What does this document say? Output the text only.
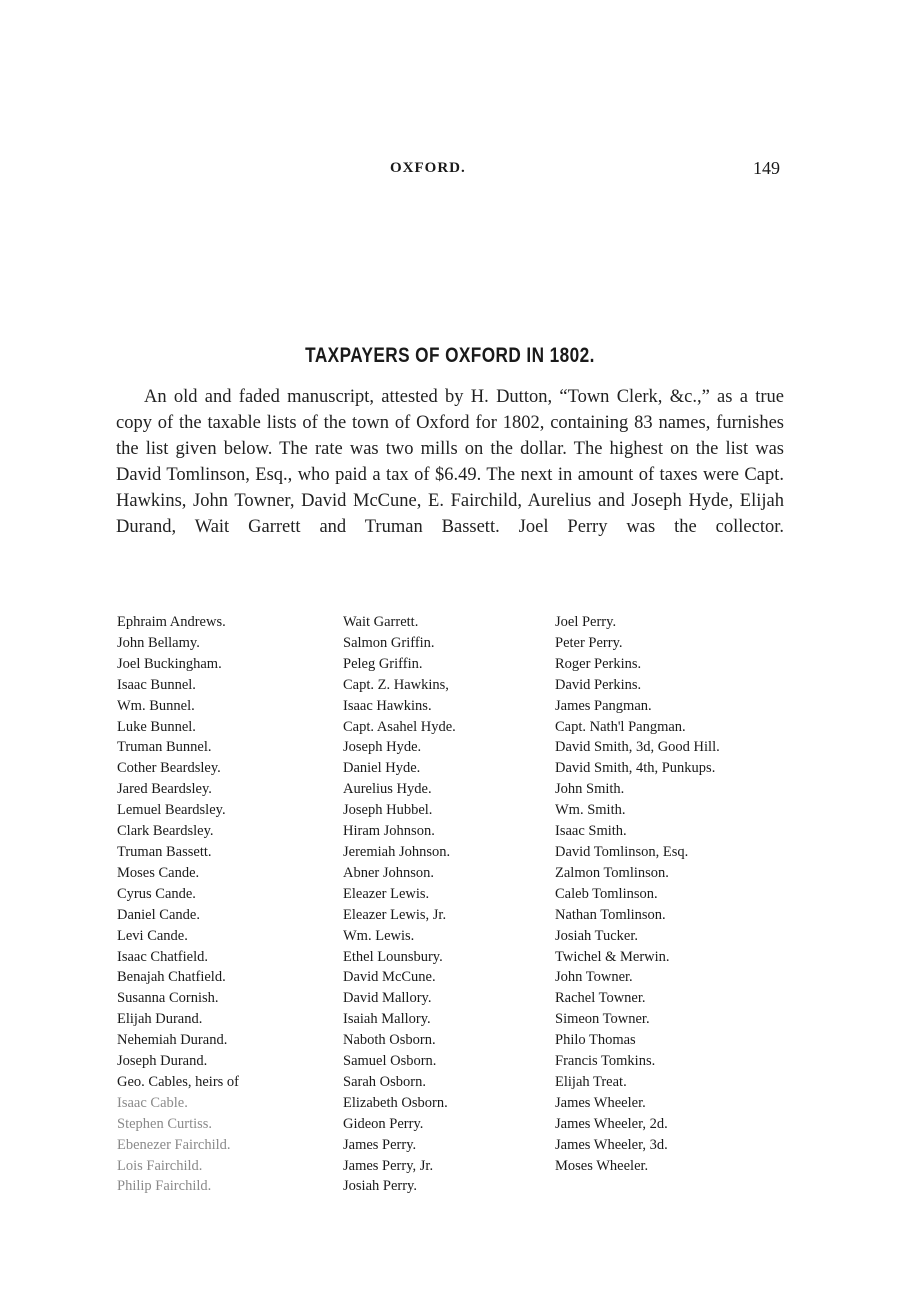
OXFORD.	149
TAXPAYERS OF OXFORD IN 1802.

An old and faded manuscript, attested by H. Dutton, “Town Clerk, &c.,” as a true copy of the taxable lists of the town of Oxford for 1802, containing 83 names, furnishes the list given below. The rate was two mills on the dollar. The highest on the list was David Tomlinson, Esq., who paid a tax of $6.49. The next in amount of taxes were Capt. Hawkins, John Towner, David McCune, E. Fairchild, Aurelius and Joseph Hyde, Elijah Durand, Wait Garrett and Truman Bassett. Joel Perry was the collector.

Ephraim Andrews.
John Bellamy.
Joel Buckingham.
Isaac Bunnel.
Wm. Bunnel.
Luke Bunnel.
Truman Bunnel.
Cother Beardsley.
Jared Beardsley.
Lemuel Beardsley.
Clark Beardsley.
Truman Bassett.
Moses Cande.
Cyrus Cande.
Daniel Cande.
Levi Cande.
Isaac Chatfield.
Benajah Chatfield.
Susanna Cornish.
Elijah Durand.
Nehemiah Durand.
Joseph Durand.
Geo. Cables, heirs of
Isaac Cable.
Stephen Curtiss.
Ebenezer Fairchild.
Lois Fairchild.
Philip Fairchild.
Wait Garrett.
Salmon Griffin.
Peleg Griffin.
Capt. Z. Hawkins,
Isaac Hawkins.
Capt. Asahel Hyde.
Joseph Hyde.
Daniel Hyde.
Aurelius Hyde.
Joseph Hubbel.
Hiram Johnson.
Jeremiah Johnson.
Abner Johnson.
Eleazer Lewis.
Eleazer Lewis, Jr.
Wm. Lewis.
Ethel Lounsbury.
David McCune.
David Mallory.
Isaiah Mallory.
Naboth Osborn.
Samuel Osborn.
Sarah Osborn.
Elizabeth Osborn.
Gideon Perry.
James Perry.
James Perry, Jr.
Josiah Perry.
Joel Perry.
Peter Perry.
Roger Perkins.
David Perkins.
James Pangman.
Capt. Nath'l Pangman.
David Smith, 3d, Good Hill.
David Smith, 4th, Punkups.
John Smith.
Wm. Smith.
Isaac Smith.
David Tomlinson, Esq.
Zalmon Tomlinson.
Caleb Tomlinson.
Nathan Tomlinson.
Josiah Tucker.
Twichel & Merwin.
John Towner.
Rachel Towner.
Simeon Towner.
Philo Thomas
Francis Tomkins.
Elijah Treat.
James Wheeler.
James Wheeler, 2d.
James Wheeler, 3d.
Moses Wheeler.
